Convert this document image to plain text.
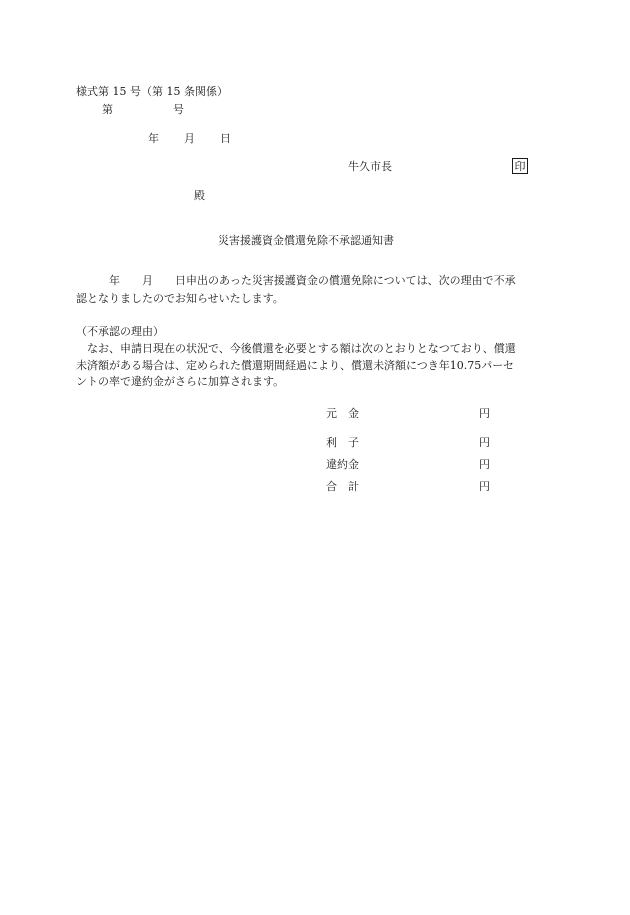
様式第 15 号（第 15 条関係）
第	号
年 月 日
牛久市長	印
殿
災害援護資金償還免除不承認通知書
　　　年　　月　　日申出のあった災害援護資金の償還免除については、次の理由で不承
認となりましたのでお知らせいたします。
（不承認の理由）
　なお、申請日現在の状況で、今後償還を必要とする額は次のとおりとなつており、償還
未済額がある場合は、定められた償還期間経過により、償還未済額につき年10.75パーセ
ントの率で違約金がさらに加算されます。
元　金	円
利　子	円
違約金	円
合　計	円
